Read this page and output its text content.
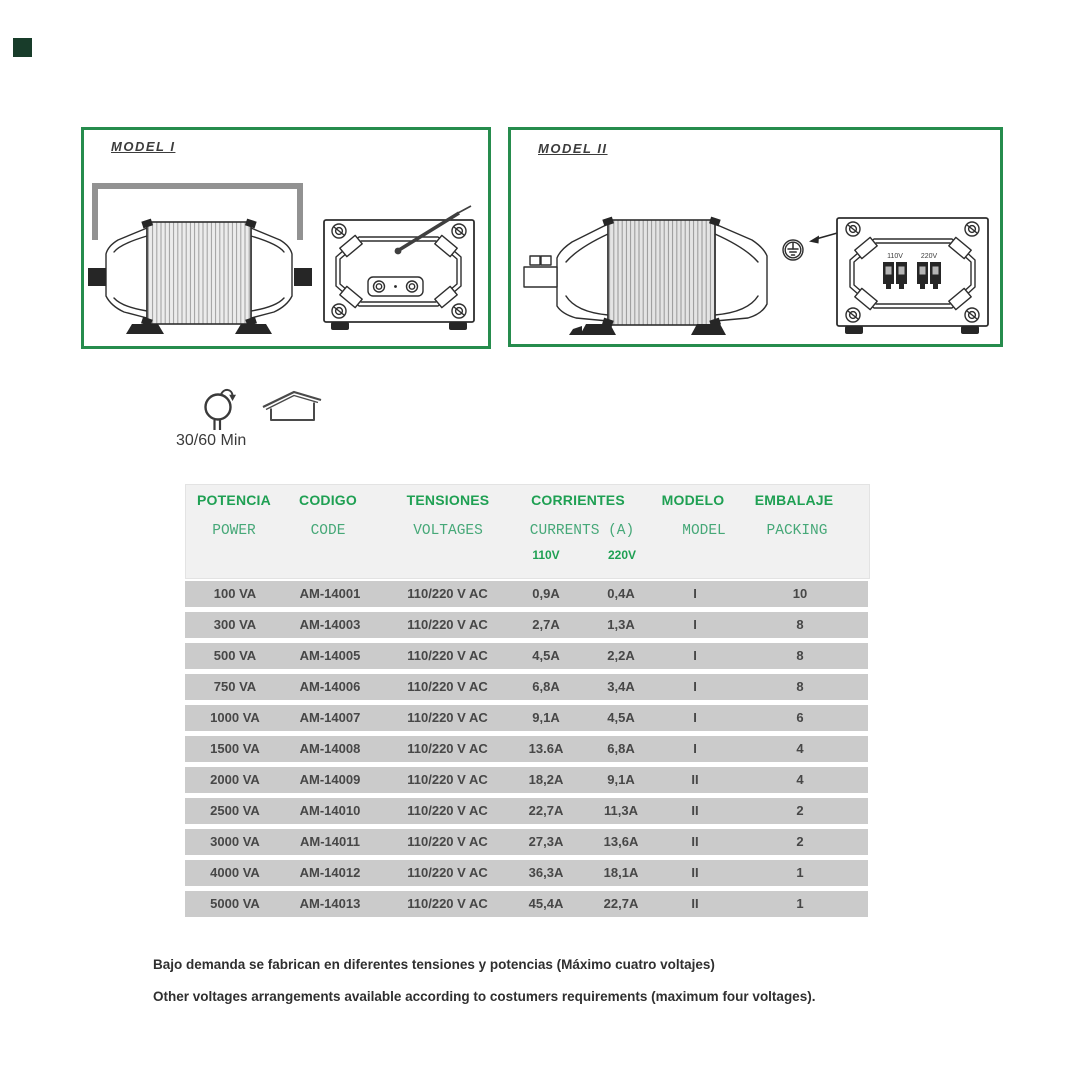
MODEL I	MODEL II
110V	220V
30/60 Min
POTENCIA CODIGO	TENSIONES	CORRIENTES	MODELO EMBALAJE
POWER	CODE	VOLTAGES	CURRENTS (A)	MODEL	PACKING
110V	220V
100 VA	AM-14001	110/220 V AC	0,9A	0,4A	I	10
300 VA	AM-14003	110/220 V AC	2,7A	1,3A	I	8
500 VA	AM-14005	110/220 V AC	4,5A	2,2A	I	8
750 VA	AM-14006	110/220 V AC	6,8A	3,4A	I	8
1000 VA	AM-14007	110/220 V AC	9,1A	4,5A	I	6
1500 VA	AM-14008	110/220 V AC	13.6A	6,8A	I	4
2000 VA	AM-14009	110/220 V AC	18,2A	9,1A	II	4
2500 VA	AM-14010	110/220 V AC	22,7A	11,3A	II	2
3000 VA	AM-14011	110/220 V AC	27,3A	13,6A	II	2
4000 VA	AM-14012	110/220 V AC	36,3A	18,1A	II	1
5000 VA	AM-14013	110/220 V AC	45,4A	22,7A	II	1
Bajo demanda se fabrican en diferentes tensiones y potencias (Máximo cuatro voltajes)
Other voltages arrangements available according to costumers requirements (maximum four voltages).
